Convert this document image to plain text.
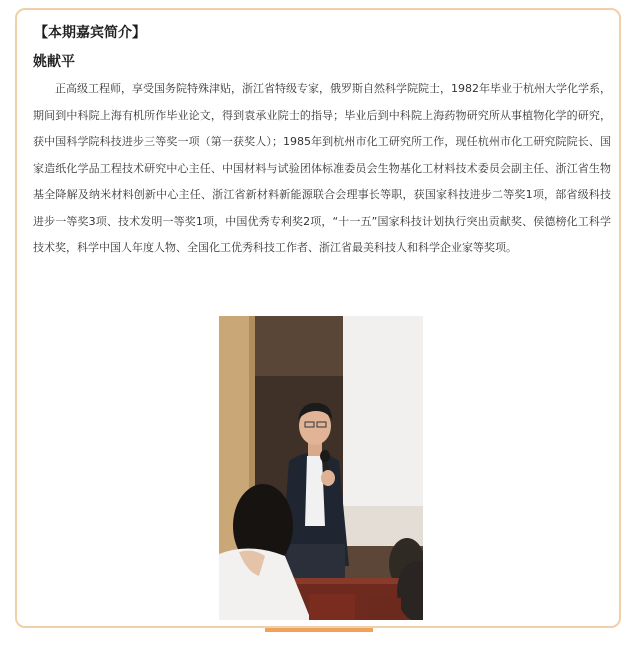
【本期嘉宾简介】
姚献平

正高级工程师，享受国务院特殊津贴，浙江省特级专家，俄罗斯自然科学院院士，1982年毕业于杭州大学化学系，期间到中科院上海有机所作毕业论文，得到袁承业院士的指导；毕业后到中科院上海药物研究所从事植物化学的研究，获中国科学院科技进步三等奖一项（第一获奖人）；1985年到杭州市化工研究所工作，现任杭州市化工研究院院长、国家造纸化学品工程技术研究中心主任、中国材料与试验团体标准委员会生物基化工材料技术委员会副主任、浙江省生物基全降解及纳米材料创新中心主任、浙江省新材料新能源联合会理事长等职，获国家科技进步二等奖1项，部省级科技进步一等奖3项、技术发明一等奖1项，中国优秀专利奖2项，“十一五”国家科技计划执行突出贡献奖、侯德榜化工科学技术奖，科学中国人年度人物、全国化工优秀科技工作者、浙江省最美科技人和科学企业家等奖项。
